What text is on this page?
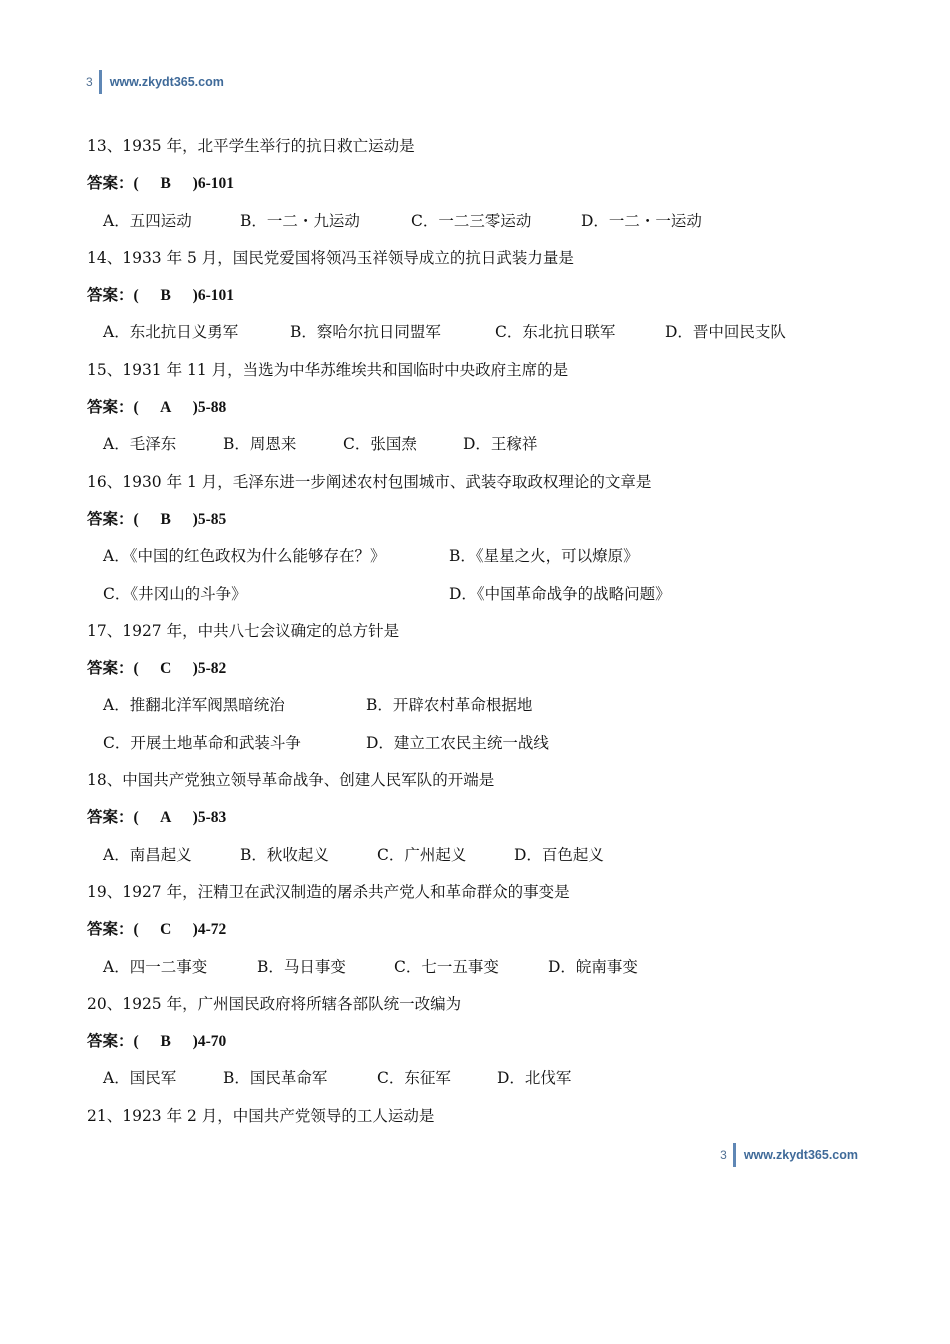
3 www.zkydt365.com
13、1935 年，北平学生举行的抗日救亡运动是
答案：( B )6-101
A．五四运动	B．一二・九运动	C．一二三零运动	D．一二・一运动
14、1933 年 5 月，国民党爱国将领冯玉祥领导成立的抗日武装力量是
答案：( B )6-101
A．东北抗日义勇军	B．察哈尔抗日同盟军	C．东北抗日联军	D．晋中回民支队
15、1931 年 11 月，当选为中华苏维埃共和国临时中央政府主席的是
答案：( A )5-88
A．毛泽东	B．周恩来	C．张国焘	D．王稼祥
16、1930 年 1 月，毛泽东进一步阐述农村包围城市、武装夺取政权理论的文章是
答案：( B )5-85
A．《中国的红色政权为什么能够存在？》	B．《星星之火，可以燎原》
C．《井冈山的斗争》	D．《中国革命战争的战略问题》
17、1927 年，中共八七会议确定的总方针是
答案：( C )5-82
A．推翻北洋军阀黑暗统治	B．开辟农村革命根据地
C．开展土地革命和武装斗争	D．建立工农民主统一战线
18、中国共产党独立领导革命战争、创建人民军队的开端是
答案：( A )5-83
A．南昌起义	B．秋收起义	C．广州起义	D．百色起义
19、1927 年，汪精卫在武汉制造的屠杀共产党人和革命群众的事变是
答案：( C )4-72
A．四一二事变	B．马日事变	C．七一五事变	D．皖南事变
20、1925 年，广州国民政府将所辖各部队统一改编为
答案：( B )4-70
A．国民军	B．国民革命军	C．东征军	D．北伐军
21、1923 年 2 月，中国共产党领导的工人运动是
3 www.zkydt365.com
